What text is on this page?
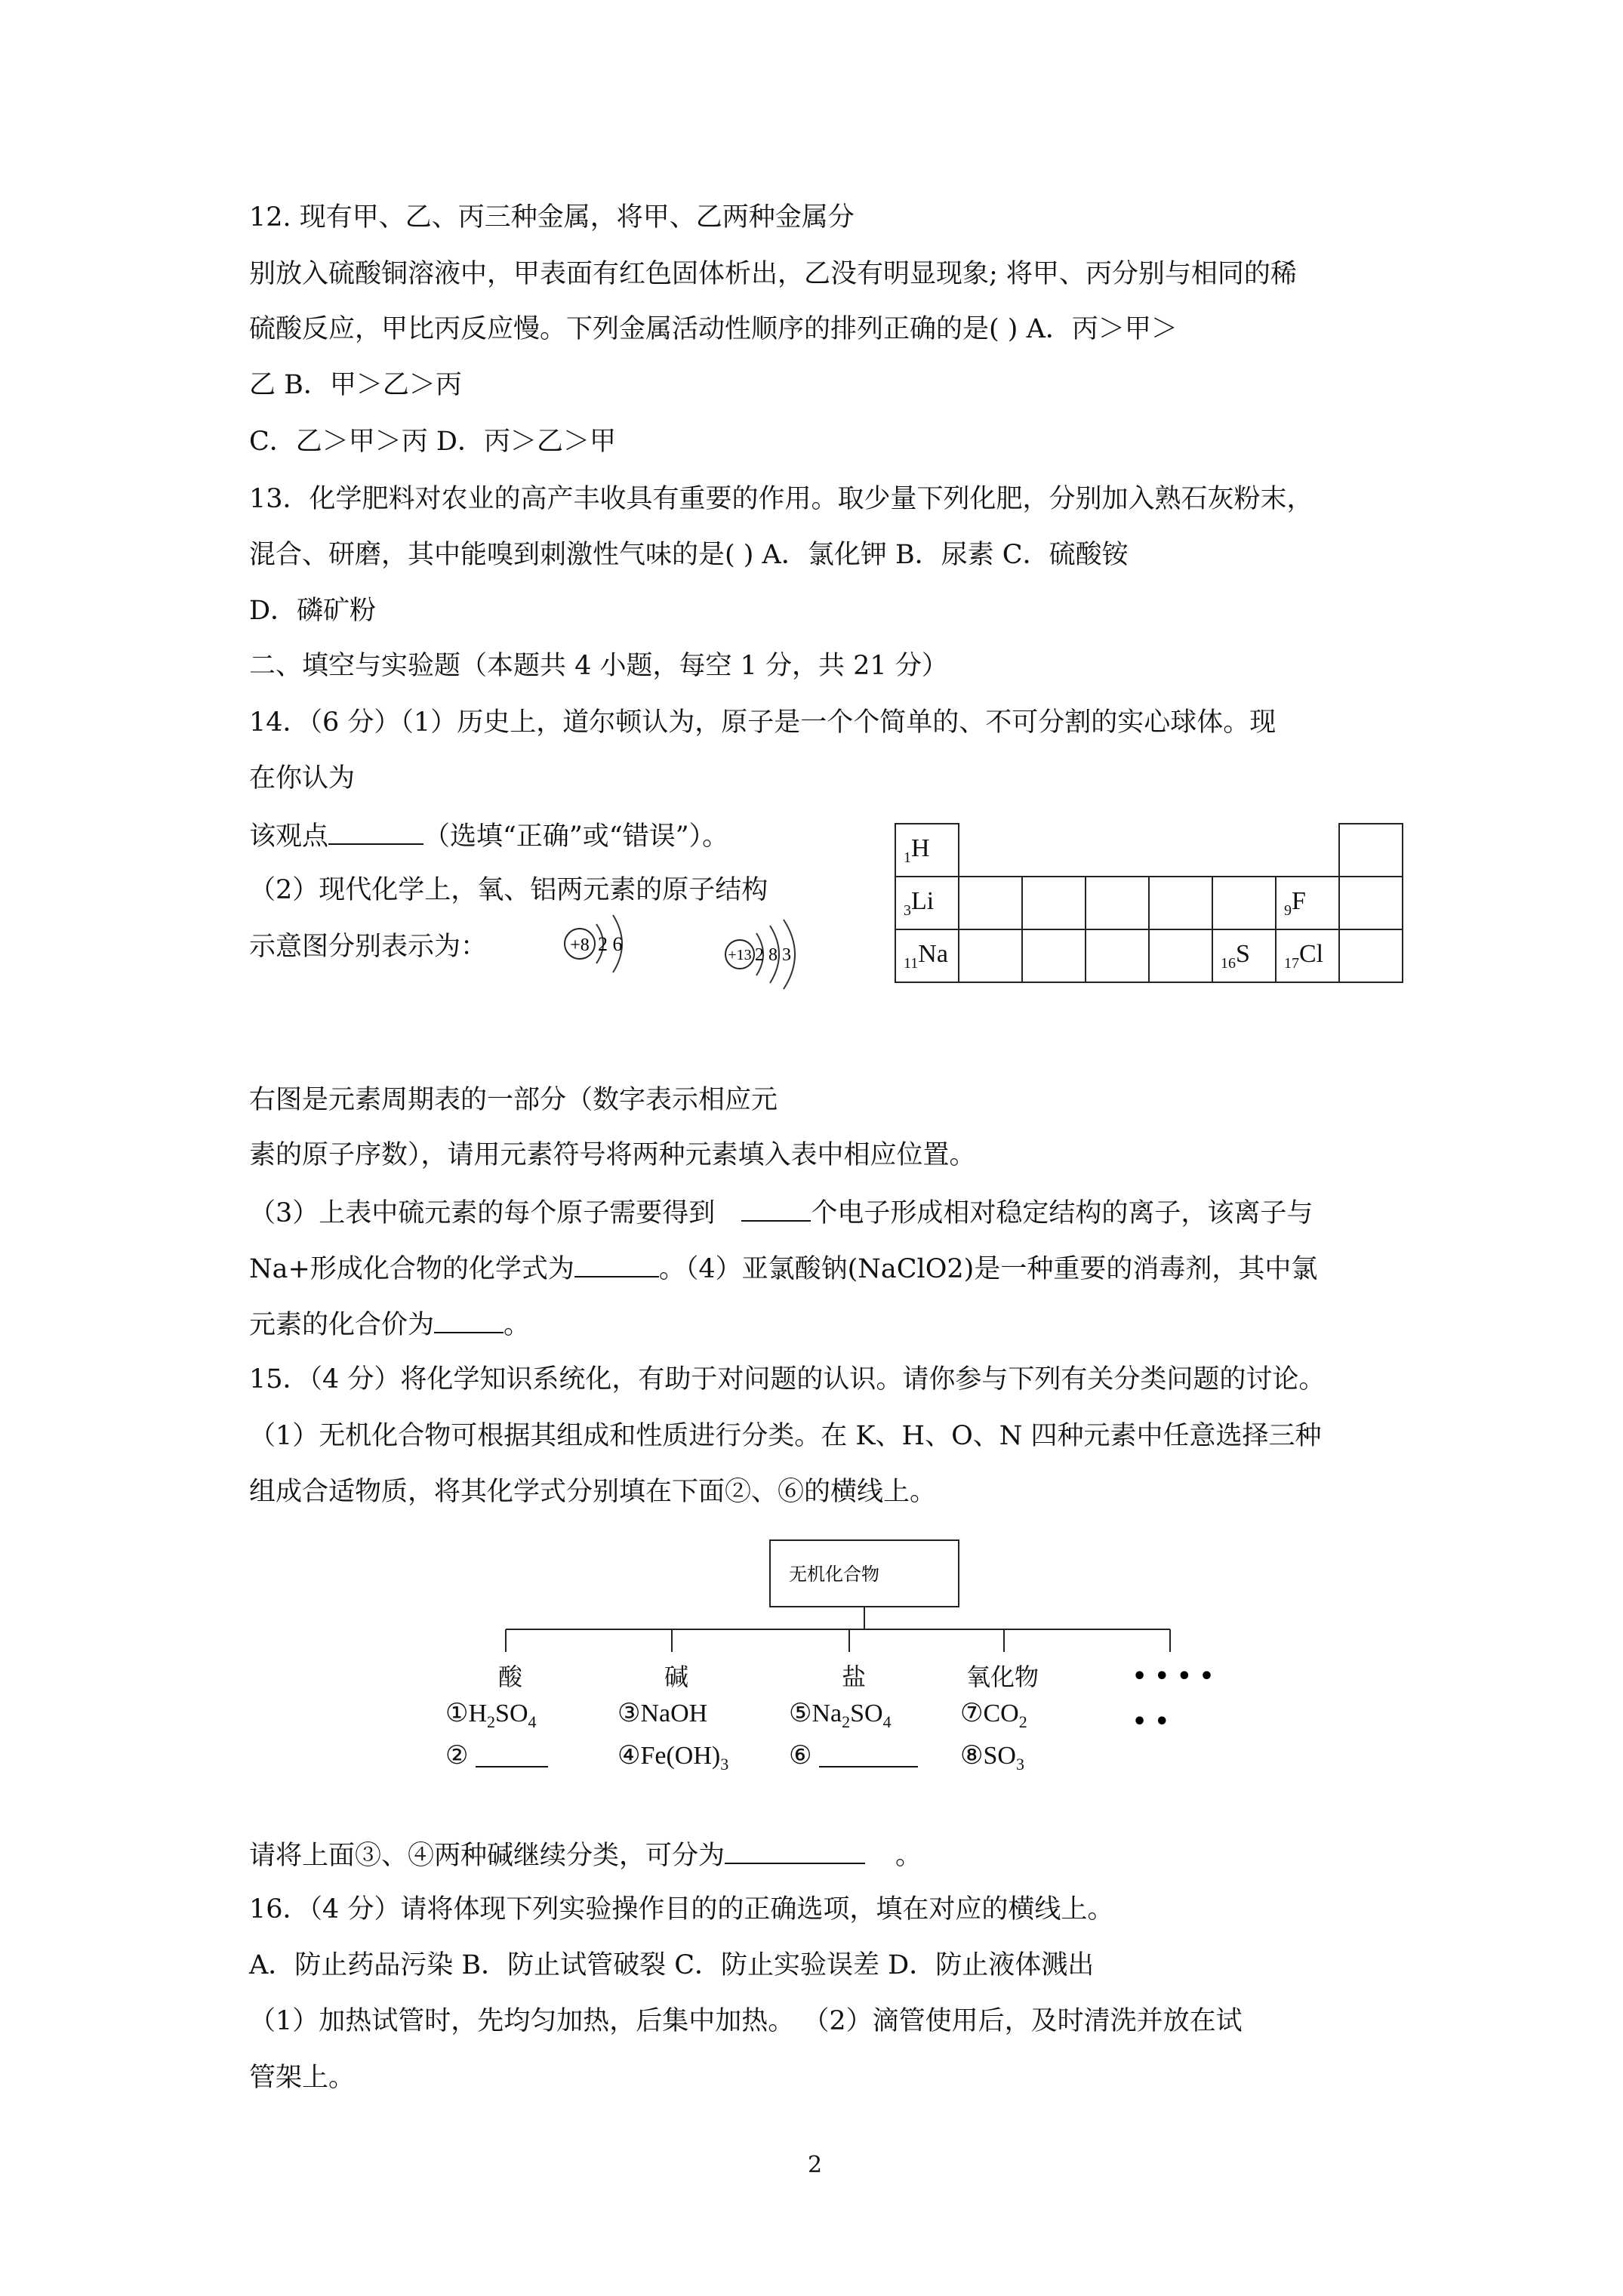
12. 现有甲、乙、丙三种金属，将甲、乙两种金属分
别放入硫酸铜溶液中，甲表面有红色固体析出，乙没有明显现象; 将甲、丙分别与相同的稀
硫酸反应，甲比丙反应慢。下列金属活动性顺序的排列正确的是( ) A．丙＞甲＞
乙 B．甲＞乙＞丙
C．乙＞甲＞丙 D．丙＞乙＞甲
13．化学肥料对农业的高产丰收具有重要的作用。取少量下列化肥，分别加入熟石灰粉末，
混合、研磨，其中能嗅到刺激性气味的是( ) A．氯化钾 B．尿素 C．硫酸铵
D．磷矿粉
二、填空与实验题（本题共 4 小题，每空 1 分，共 21 分）
14．（6 分）（1）历史上，道尔顿认为，原子是一个个简单的、不可分割的实心球体。现
在你认为
该观点	（选填“正确”或“错误”）。
（2）现代化学上，氧、铝两元素的原子结构
示意图分别表示为：	+8 2 6	+13 2 8 3
$_1$H							
$_3$Li						$_9$F	
$_{11}$Na					$_{16}$S	$_{17}$Cl	
右图是元素周期表的一部分（数字表示相应元
素的原子序数），请用元素符号将两种元素填入表中相应位置。
（3）上表中硫元素的每个原子需要得到	个电子形成相对稳定结构的离子，该离子与
Na+形成化合物的化学式为	。（4）亚氯酸钠(NaClO2)是一种重要的消毒剂，其中氯
元素的化合价为	。
15．（4 分）将化学知识系统化，有助于对问题的认识。请你参与下列有关分类问题的讨论。
（1）无机化合物可根据其组成和性质进行分类。在 K、H、O、N 四种元素中任意选择三种
组成合适物质，将其化学式分别填在下面②、⑥的横线上。
无机化合物
酸	碱	盐	氧化物	• • • •
• •
$①H_2SO_4$
②
③NaOH
$④Fe(OH)_3$
$⑤Na_2SO_4$
⑥
$⑦CO_2$
$⑧SO_3$
请将上面③、④两种碱继续分类，可分为	。
16．（4 分）请将体现下列实验操作目的的正确选项，填在对应的横线上。
A．防止药品污染 B．防止试管破裂 C．防止实验误差 D．防止液体溅出
（1）加热试管时，先均匀加热，后集中加热。 （2）滴管使用后，及时清洗并放在试
管架上。
2
